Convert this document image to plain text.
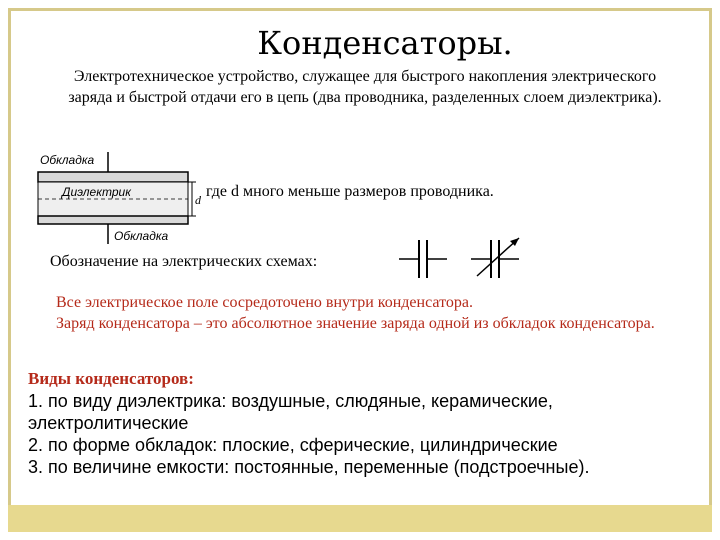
Конденсаторы.
Электротехническое устройство, служащее для быстрого накопления электрического заряда и быстрой отдачи его в цепь (два проводника, разделенных слоем диэлектрика).
Обкладка
Диэлектрик
Обкладка
d где d много меньше размеров проводника.
Обозначение на электрических схемах:
Все электрическое поле сосредоточено внутри конденсатора.
Заряд конденсатора – это абсолютное значение заряда одной из обкладок конденсатора.
Виды конденсаторов:
1. по виду диэлектрика: воздушные, слюдяные, керамические, электролитические
2. по форме обкладок: плоские, сферические, цилиндрические
3. по величине емкости: постоянные, переменные (подстроечные).
